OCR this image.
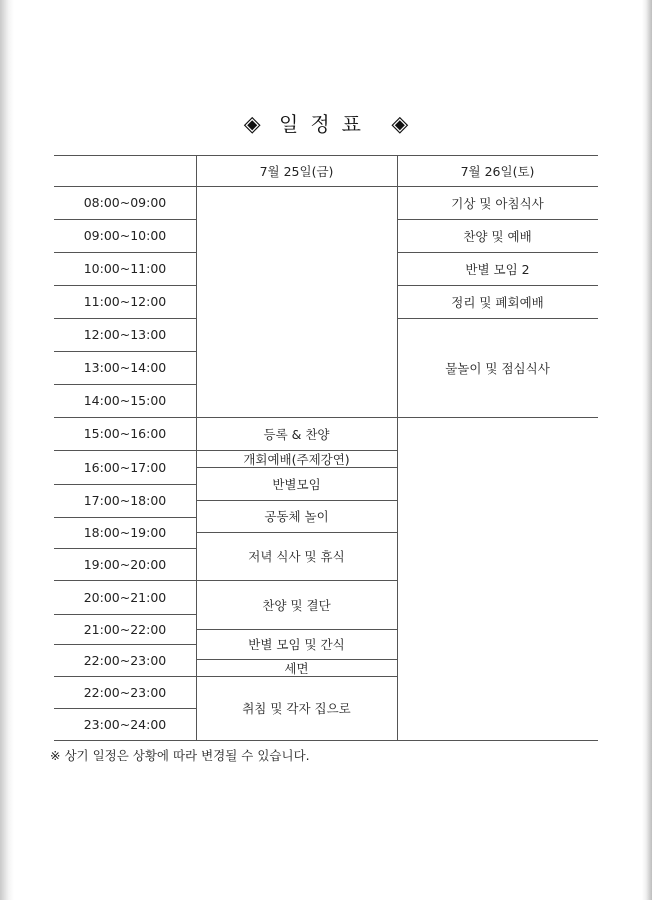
◈ 일정표 ◈
7월 25일(금)	7월 26일(토)
08:00~09:00
09:00~10:00
10:00~11:00
11:00~12:00
12:00~13:00
13:00~14:00
14:00~15:00
15:00~16:00
16:00~17:00
17:00~18:00
18:00~19:00
19:00~20:00
20:00~21:00
21:00~22:00
22:00~23:00
22:00~23:00
23:00~24:00
등록 & 찬양
개회예배(주제강연)
반별모임
공동체 놀이
저녁 식사 및 휴식
찬양 및 결단
반별 모임 및 간식
세면
취침 및 각자 집으로
기상 및 아침식사
찬양 및 예배
반별 모임 2
정리 및 폐회예배
물놀이 및 점심식사
※ 상기 일정은 상황에 따라 변경될 수 있습니다.
